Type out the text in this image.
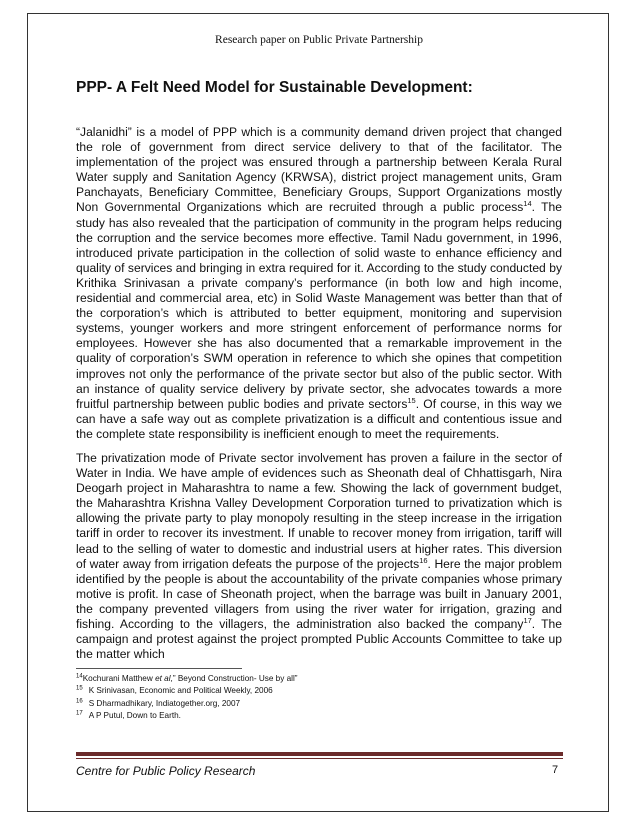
Research paper on Public Private Partnership
PPP- A Felt Need Model for Sustainable Development:

“Jalanidhi” is a model of PPP which is a community demand driven project that changed the role of government from direct service delivery to that of the facilitator. The implementation of the project was ensured through a partnership between Kerala Rural Water supply and Sanitation Agency (KRWSA), district project management units, Gram Panchayats, Beneficiary Committee, Beneficiary Groups, Support Organizations mostly Non Governmental Organizations which are recruited through a public process$^{14}$. The study has also revealed that the participation of community in the program helps reducing the corruption and the service becomes more effective. Tamil Nadu government, in 1996, introduced private participation in the collection of solid waste to enhance efficiency and quality of services and bringing in extra required for it. According to the study conducted by Krithika Srinivasan a private company’s performance (in both low and high income, residential and commercial area, etc) in Solid Waste Management was better than that of the corporation’s which is attributed to better equipment, monitoring and supervision systems, younger workers and more stringent enforcement of performance norms for employees. However she has also documented that a remarkable improvement in the quality of corporation’s SWM operation in reference to which she opines that competition improves not only the performance of the private sector but also of the public sector. With an instance of quality service delivery by private sector, she advocates towards a more fruitful partnership between public bodies and private sectors$^{15}$. Of course, in this way we can have a safe way out as complete privatization is a difficult and contentious issue and the complete state responsibility is inefficient enough to meet the requirements.

The privatization mode of Private sector involvement has proven a failure in the sector of Water in India. We have ample of evidences such as Sheonath deal of Chhattisgarh, Nira Deogarh project in Maharashtra to name a few. Showing the lack of government budget, the Maharashtra Krishna Valley Development Corporation turned to privatization which is allowing the private party to play monopoly resulting in the steep increase in the irrigation tariff in order to recover its investment. If unable to recover money from irrigation, tariff will lead to the selling of water to domestic and industrial users at higher rates. This diversion of water away from irrigation defeats the purpose of the projects$^{16}$. Here the major problem identified by the people is about the accountability of the private companies whose primary motive is profit. In case of Sheonath project, when the barrage was built in January 2001, the company prevented villagers from using the river water for irrigation, grazing and fishing. According to the villagers, the administration also backed the company$^{17}$. The campaign and protest against the project prompted Public Accounts Committee to take up the matter which

$^{14}$Kochurani Matthew et al,” Beyond Construction- Use by all”
$^{15}$ K Srinivasan, Economic and Political Weekly, 2006
$^{16}$ S Dharmadhikary, Indiatogether.org, 2007
$^{17}$ A P Putul, Down to Earth.
Centre for Public Policy Research	7
